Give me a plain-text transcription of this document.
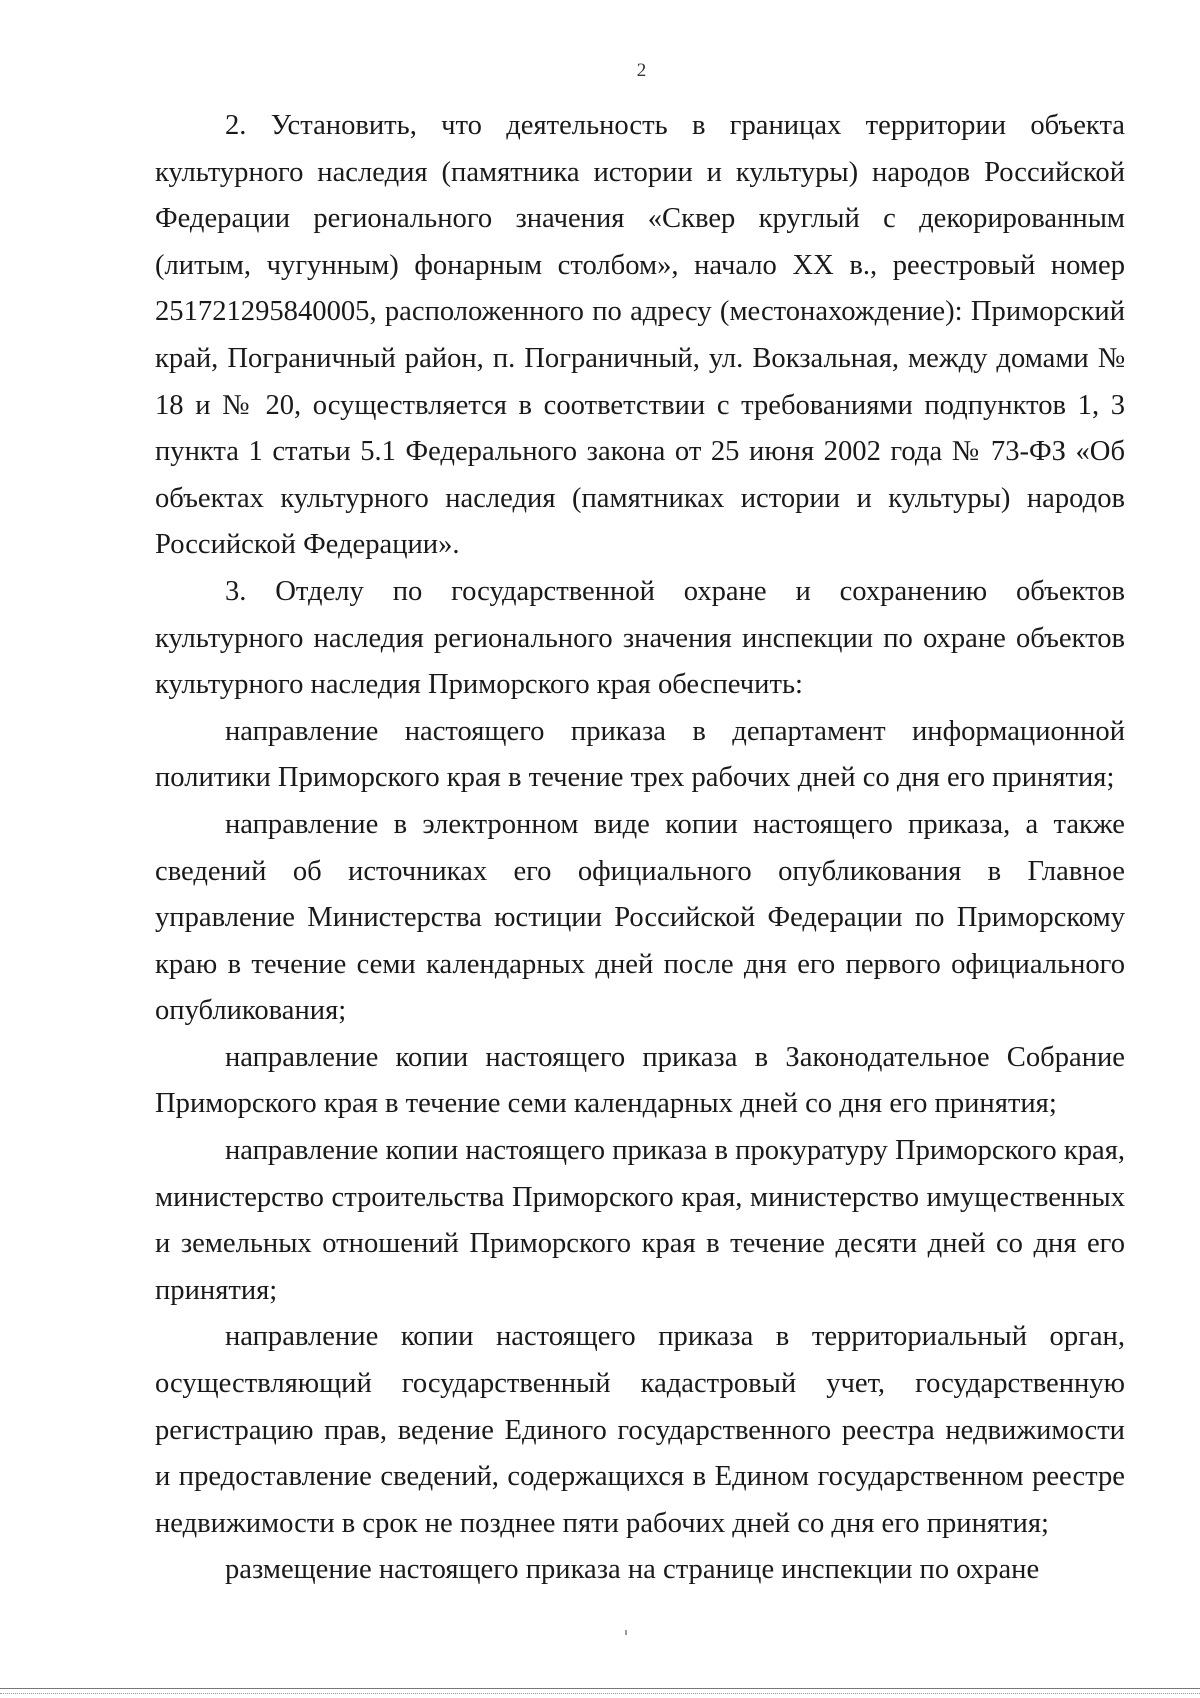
2

2. Установить, что деятельность в границах территории объекта культурного наследия (памятника истории и культуры) народов Российской Федерации регионального значения «Сквер круглый с декорированным (литым, чугунным) фонарным столбом», начало XX в., реестровый номер 251721295840005, расположенного по адресу (местонахождение): Приморский край, Пограничный район, п. Пограничный, ул. Вокзальная, между домами № 18 и № 20, осуществляется в соответствии с требованиями подпунктов 1, 3 пункта 1 статьи 5.1 Федерального закона от 25 июня 2002 года № 73-ФЗ «Об объектах культурного наследия (памятниках истории и культуры) народов Российской Федерации».

3. Отделу по государственной охране и сохранению объектов культурного наследия регионального значения инспекции по охране объектов культурного наследия Приморского края обеспечить:

направление настоящего приказа в департамент информационной политики Приморского края в течение трех рабочих дней со дня его принятия;

направление в электронном виде копии настоящего приказа, а также сведений об источниках его официального опубликования в Главное управление Министерства юстиции Российской Федерации по Приморскому краю в течение семи календарных дней после дня его первого официального опубликования;

направление копии настоящего приказа в Законодательное Собрание Приморского края в течение семи календарных дней со дня его принятия;

направление копии настоящего приказа в прокуратуру Приморского края, министерство строительства Приморского края, министерство имущественных и земельных отношений Приморского края в течение десяти дней со дня его принятия;

направление копии настоящего приказа в территориальный орган, осуществляющий государственный кадастровый учет, государственную регистрацию прав, ведение Единого государственного реестра недвижимости и предоставление сведений, содержащихся в Едином государственном реестре недвижимости в срок не позднее пяти рабочих дней со дня его принятия;

размещение настоящего приказа на странице инспекции по охране
